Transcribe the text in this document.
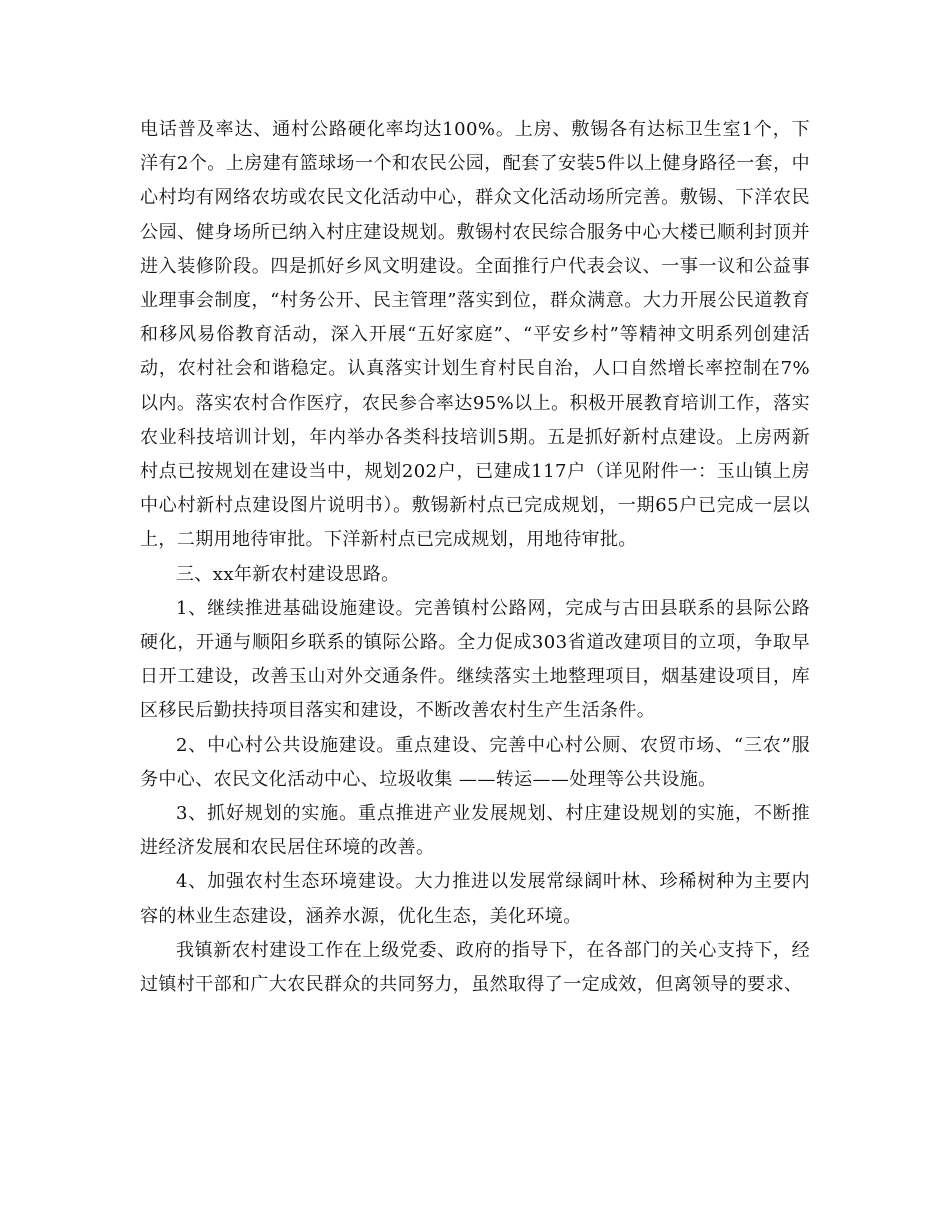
电话普及率达、通村公路硬化率均达100%。上房、敷锡各有达标卫生室1个，下洋有2个。上房建有篮球场一个和农民公园，配套了安装5件以上健身路径一套，中心村均有网络农坊或农民文化活动中心，群众文化活动场所完善。敷锡、下洋农民公园、健身场所已纳入村庄建设规划。敷锡村农民综合服务中心大楼已顺利封顶并进入装修阶段。四是抓好乡风文明建设。全面推行户代表会议、一事一议和公益事业理事会制度，“村务公开、民主管理”落实到位，群众满意。大力开展公民道教育和移风易俗教育活动，深入开展“五好家庭”、“平安乡村”等精神文明系列创建活动，农村社会和谐稳定。认真落实计划生育村民自治，人口自然增长率控制在7%以内。落实农村合作医疗，农民参合率达95%以上。积极开展教育培训工作，落实农业科技培训计划，年内举办各类科技培训5期。五是抓好新村点建设。上房两新村点已按规划在建设当中，规划202户，已建成117户（详见附件一：玉山镇上房中心村新村点建设图片说明书）。敷锡新村点已完成规划，一期65户已完成一层以上，二期用地待审批。下洋新村点已完成规划，用地待审批。

三、xx年新农村建设思路。

1、继续推进基础设施建设。完善镇村公路网，完成与古田县联系的县际公路硬化，开通与顺阳乡联系的镇际公路。全力促成303省道改建项目的立项，争取早日开工建设，改善玉山对外交通条件。继续落实土地整理项目，烟基建设项目，库区移民后勤扶持项目落实和建设，不断改善农村生产生活条件。

2、中心村公共设施建设。重点建设、完善中心村公厕、农贸市场、“三农”服务中心、农民文化活动中心、垃圾收集 ——转运——处理等公共设施。

3、抓好规划的实施。重点推进产业发展规划、村庄建设规划的实施，不断推进经济发展和农民居住环境的改善。

4、加强农村生态环境建设。大力推进以发展常绿阔叶林、珍稀树种为主要内容的林业生态建设，涵养水源，优化生态，美化环境。

我镇新农村建设工作在上级党委、政府的指导下，在各部门的关心支持下，经过镇村干部和广大农民群众的共同努力，虽然取得了一定成效，但离领导的要求、
